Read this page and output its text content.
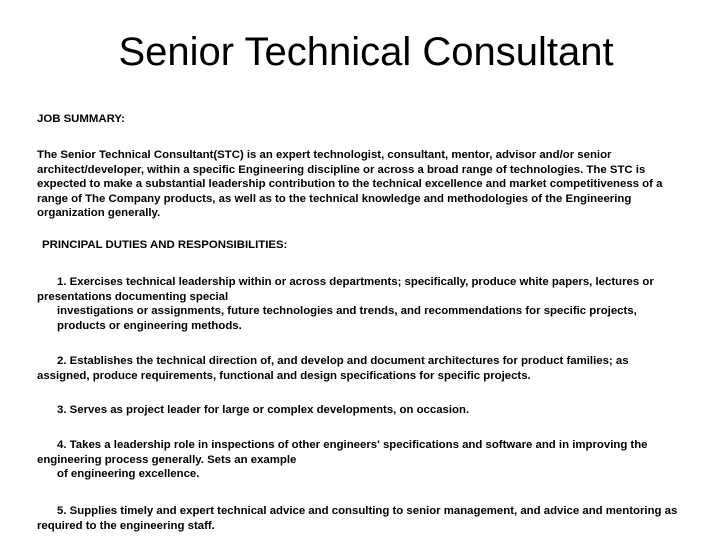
Senior Technical Consultant
JOB SUMMARY:
The Senior Technical Consultant(STC) is an expert technologist, consultant, mentor, advisor and/or senior architect/developer, within a specific Engineering discipline or across a broad range of technologies. The STC is expected to make a substantial leadership contribution to the technical excellence and market competitiveness of a range of The Company products, as well as to the technical knowledge and methodologies of the Engineering organization generally.
PRINCIPAL DUTIES AND RESPONSIBILITIES:
1. Exercises technical leadership within or across departments; specifically, produce white papers, lectures or presentations documenting special
investigations or assignments, future technologies and trends, and recommendations for specific projects, products or engineering methods.
2. Establishes the technical direction of, and develop and document architectures for product families; as assigned, produce requirements, functional and design specifications for specific projects.
3. Serves as project leader for large or complex developments, on occasion.
4. Takes a leadership role in inspections of other engineers' specifications and software and in improving the engineering process generally. Sets an example
of engineering excellence.
5. Supplies timely and expert technical advice and consulting to senior management, and advice and mentoring as required to the engineering staff.
